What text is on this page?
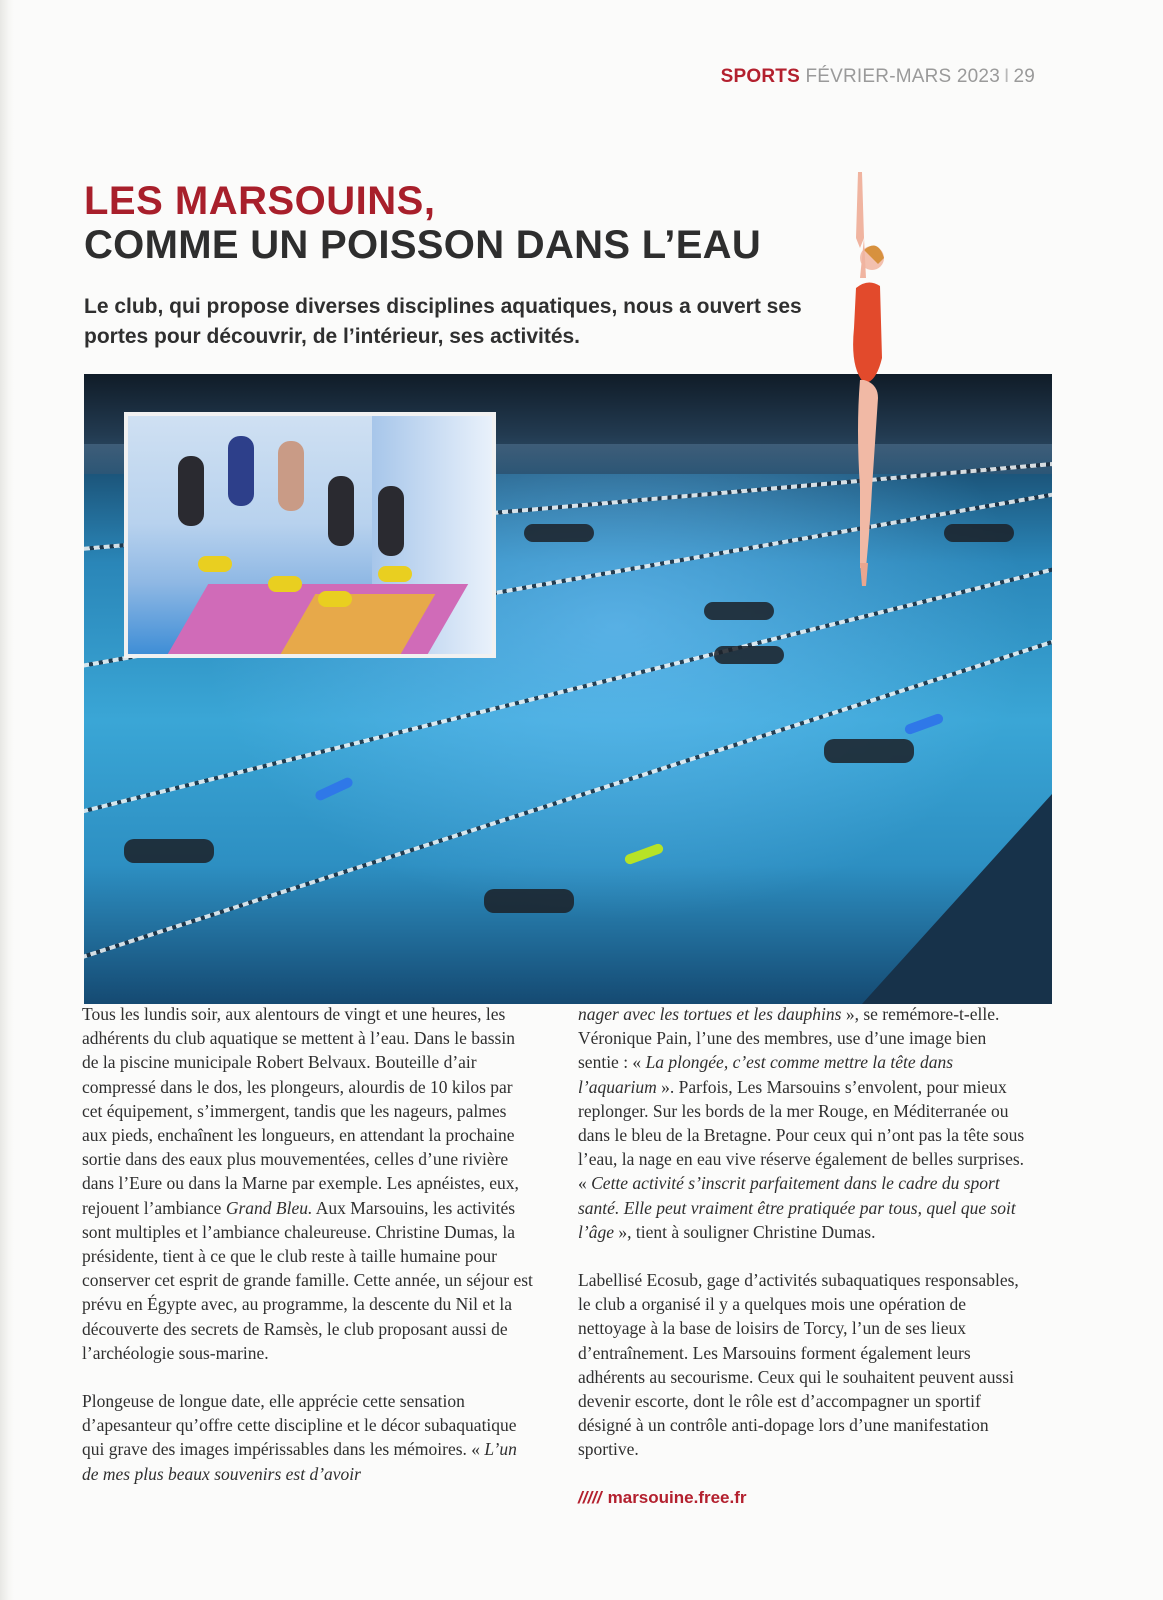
SPORTS FÉVRIER-MARS 2023 I 29
LES MARSOUINS,
COMME UN POISSON DANS L’EAU
Le club, qui propose diverses disciplines aquatiques, nous a ouvert ses portes pour découvrir, de l’intérieur, ses activités.

Tous les lundis soir, aux alentours de vingt et une heures, les adhérents du club aquatique se mettent à l’eau. Dans le bassin de la piscine municipale Robert Belvaux. Bouteille d’air compressé dans le dos, les plongeurs, alourdis de 10 kilos par cet équipement, s’immergent, tandis que les nageurs, palmes aux pieds, enchaînent les longueurs, en attendant la prochaine sortie dans des eaux plus mouvementées, celles d’une rivière dans l’Eure ou dans la Marne par exemple. Les apnéistes, eux, rejouent l’ambiance Grand Bleu. Aux Marsouins, les activités sont multiples et l’ambiance chaleureuse. Christine Dumas, la présidente, tient à ce que le club reste à taille humaine pour conserver cet esprit de grande famille. Cette année, un séjour est prévu en Égypte avec, au programme, la descente du Nil et la découverte des secrets de Ramsès, le club proposant aussi de l’archéologie sous-marine.

Plongeuse de longue date, elle apprécie cette sensation d’apesanteur qu’offre cette discipline et le décor subaquatique qui grave des images impérissables dans les mémoires. « L’un de mes plus beaux souvenirs est d’avoir

nager avec les tortues et les dauphins », se remémore-t-elle. Véronique Pain, l’une des membres, use d’une image bien sentie : « La plongée, c’est comme mettre la tête dans l’aquarium ». Parfois, Les Marsouins s’envolent, pour mieux replonger. Sur les bords de la mer Rouge, en Méditerranée ou dans le bleu de la Bretagne. Pour ceux qui n’ont pas la tête sous l’eau, la nage en eau vive réserve également de belles surprises. « Cette activité s’inscrit parfaitement dans le cadre du sport santé. Elle peut vraiment être pratiquée par tous, quel que soit l’âge », tient à souligner Christine Dumas.

Labellisé Ecosub, gage d’activités subaquatiques responsables, le club a organisé il y a quelques mois une opération de nettoyage à la base de loisirs de Torcy, l’un de ses lieux d’entraînement. Les Marsouins forment également leurs adhérents au secourisme. Ceux qui le souhaitent peuvent aussi devenir escorte, dont le rôle est d’accompagner un sportif désigné à un contrôle anti-dopage lors d’une manifestation sportive.

///// marsouine.free.fr
